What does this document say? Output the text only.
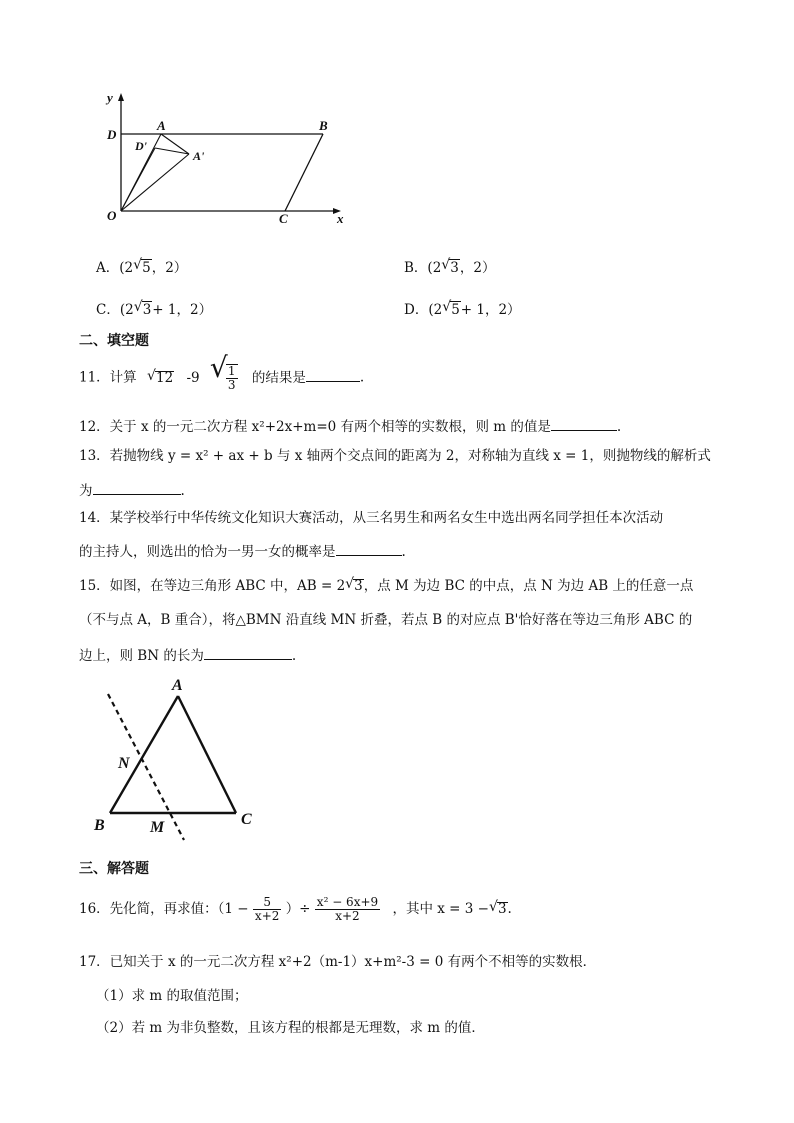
y
x
O
D
A	B
C
D'
A'
A．(2 √ 5，2）	B．(2 √ 3，2）
C．(2 √ 3+ 1，2）	D．(2 √ 5+ 1，2）
二、填空题
11．计算 √ 12 -9 √
$\frac{1}{3}$ 的结果是	.
12．关于 x 的一元二次方程 x²+2x+m=0 有两个相等的实数根，则 m 的值是	.
13．若抛物线 y = x² + ax + b 与 x 轴两个交点间的距离为 2，对称轴为直线 x = 1，则抛物线的解析式
为	.
14．某学校举行中华传统文化知识大赛活动，从三名男生和两名女生中选出两名同学担任本次活动
的主持人，则选出的恰为一男一女的概率是	.
15．如图，在等边三角形 ABC 中，AB = 2 √ 3，点 M 为边 BC 的中点，点 N 为边 AB 上的任意一点
（不与点 A，B 重合），将△BMN 沿直线 MN 折叠，若点 B 的对应点 B'恰好落在等边三角形 ABC 的
边上，则 BN 的长为	.
A
B	C
N
M
三、解答题
16．先化简，再求值：（$1 - \frac{5}{x+2}$ ）÷ $\frac{\text{x² − 6x+9}}{x+2}$ ，其中 x = 3 − √ 3.
17．已知关于 x 的一元二次方程 x²+2（m-1）x+m²-3 = 0 有两个不相等的实数根．
（1）求 m 的取值范围；
（2）若 m 为非负整数，且该方程的根都是无理数，求 m 的值．
